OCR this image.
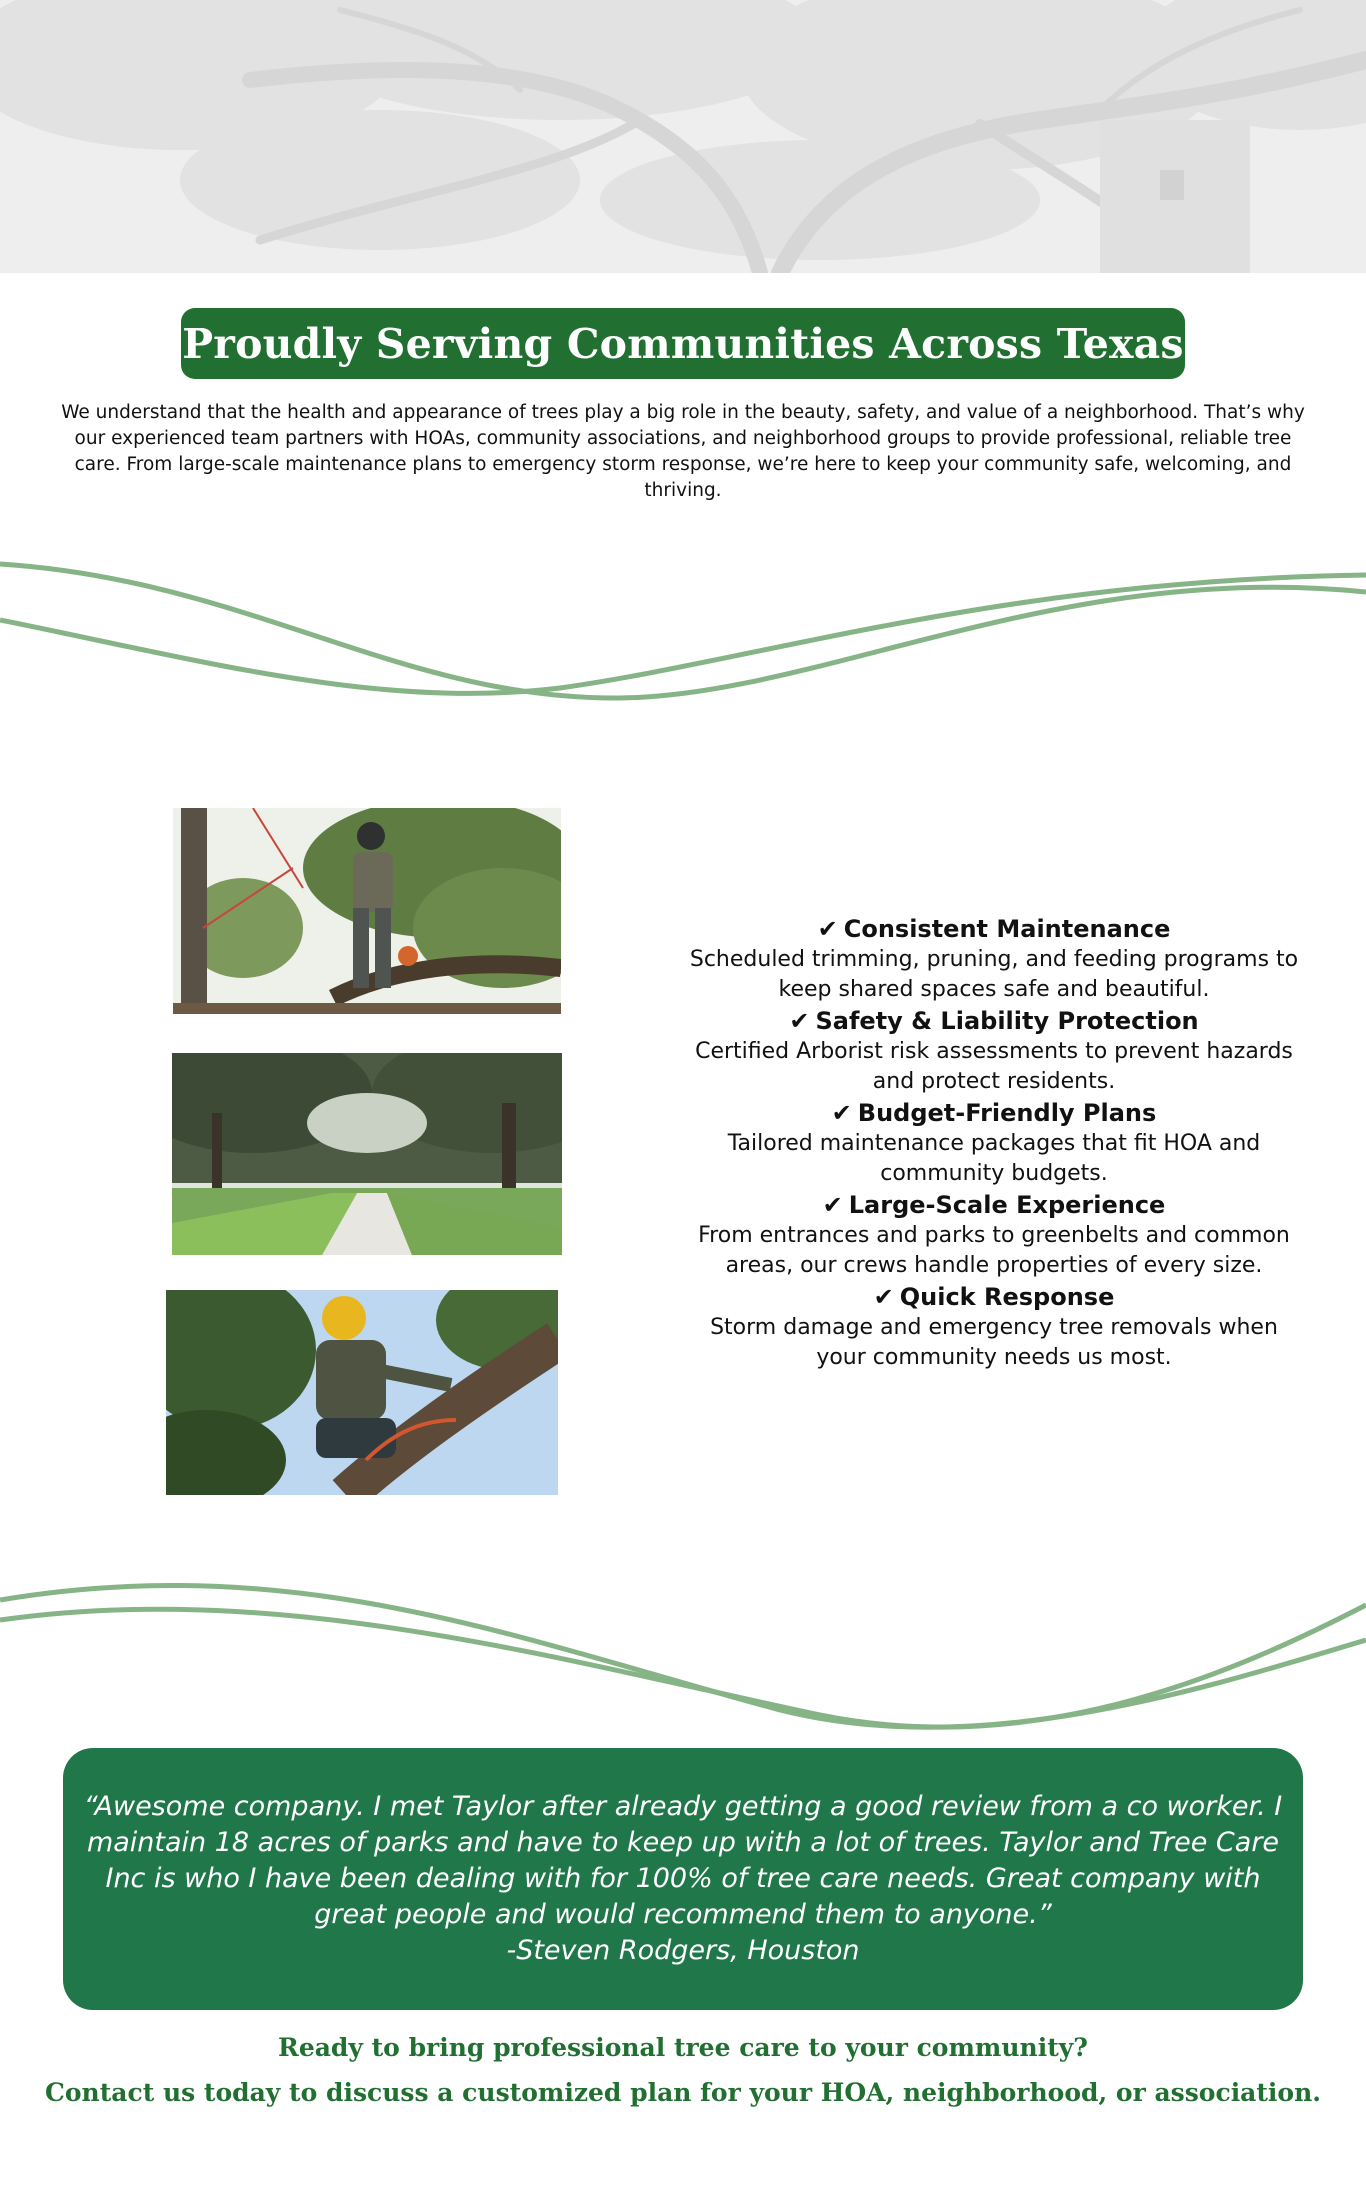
Proudly Serving Communities Across Texas

We understand that the health and appearance of trees play a big role in the beauty, safety, and value of a neighborhood. That’s why our experienced team partners with HOAs, community associations, and neighborhood groups to provide professional, reliable tree care. From large-scale maintenance plans to emergency storm response, we’re here to keep your community safe, welcoming, and thriving.

✔ Consistent Maintenance

Scheduled trimming, pruning, and feeding programs to keep shared spaces safe and beautiful.

✔ Safety & Liability Protection

Certified Arborist risk assessments to prevent hazards and protect residents.

✔ Budget-Friendly Plans

Tailored maintenance packages that fit HOA and community budgets.

✔ Large-Scale Experience

From entrances and parks to greenbelts and common areas, our crews handle properties of every size.

✔ Quick Response

Storm damage and emergency tree removals when your community needs us most.

“Awesome company. I met Taylor after already getting a good review from a co worker. I maintain 18 acres of parks and have to keep up with a lot of trees. Taylor and Tree Care Inc is who I have been dealing with for 100% of tree care needs. Great company with great people and would recommend them to anyone.”

-Steven Rodgers, Houston

Ready to bring professional tree care to your community?

Contact us today to discuss a customized plan for your HOA, neighborhood, or association.
